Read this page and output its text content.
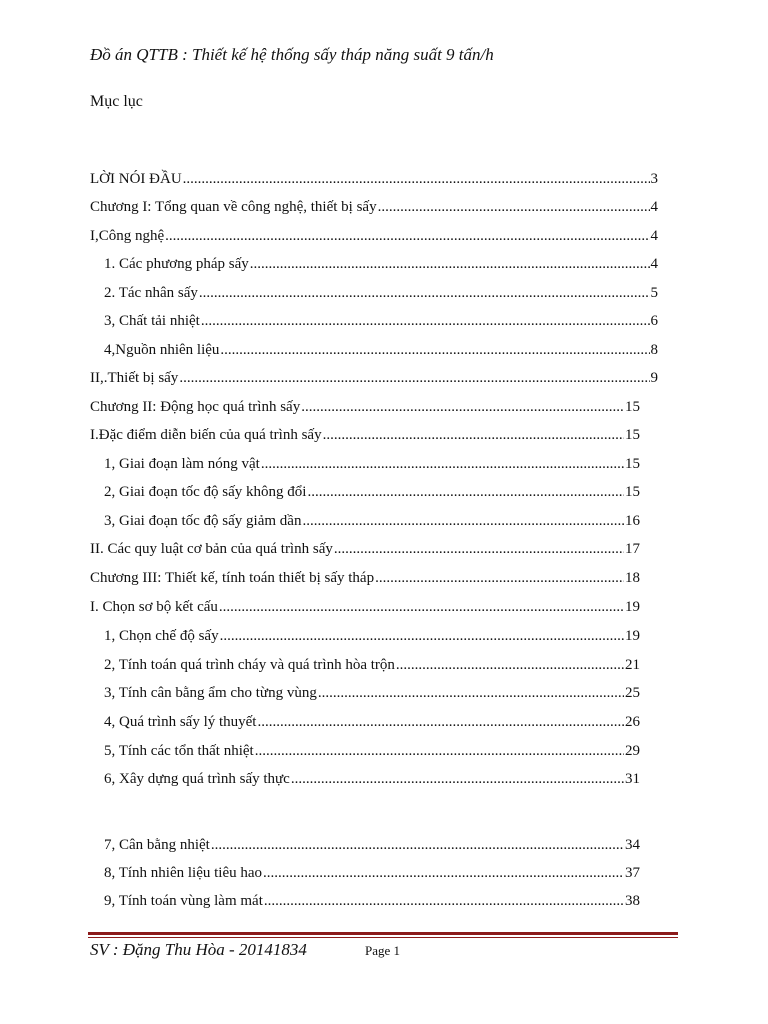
Đồ án QTTB : Thiết kế hệ thống sấy tháp năng suất 9 tấn/h
Mục lục
LỜI NÓI ĐẦU .....	3
Chương I: Tổng quan về công nghệ, thiết bị sấy .....	4
I,Công nghệ .....	4
1. Các phương pháp sấy .....	4
2. Tác nhân sấy .....	5
3, Chất tải nhiệt .....	6
4,Nguồn nhiên liệu .....	8
II,.Thiết bị sấy .....	9
Chương II: Động học quá trình sấy .....	15
I.Đặc điểm diễn biến của quá trình sấy .....	15
1, Giai đoạn làm nóng vật .....	15
2, Giai đoạn tốc độ sấy không đổi .....	15
3, Giai đoạn tốc độ sấy giảm dần .....	16
II. Các quy luật cơ bản của quá trình sấy .....	17
Chương III: Thiết kế, tính toán thiết bị sấy tháp .....	18
I. Chọn sơ bộ kết cấu .....	19
1, Chọn chế độ sấy .....	19
2, Tính toán quá trình cháy và quá trình hòa trộn .....	21
3, Tính cân bằng ẩm cho từng vùng .....	25
4, Quá trình sấy lý thuyết .....	26
5, Tính các tổn thất nhiệt .....	29
6, Xây dựng quá trình sấy thực .....	31
7, Cân bằng nhiệt .....	34
8, Tính nhiên liệu tiêu hao .....	37
9, Tính toán vùng làm mát .....	38
SV : Đặng Thu Hòa - 20141834	Page 1
